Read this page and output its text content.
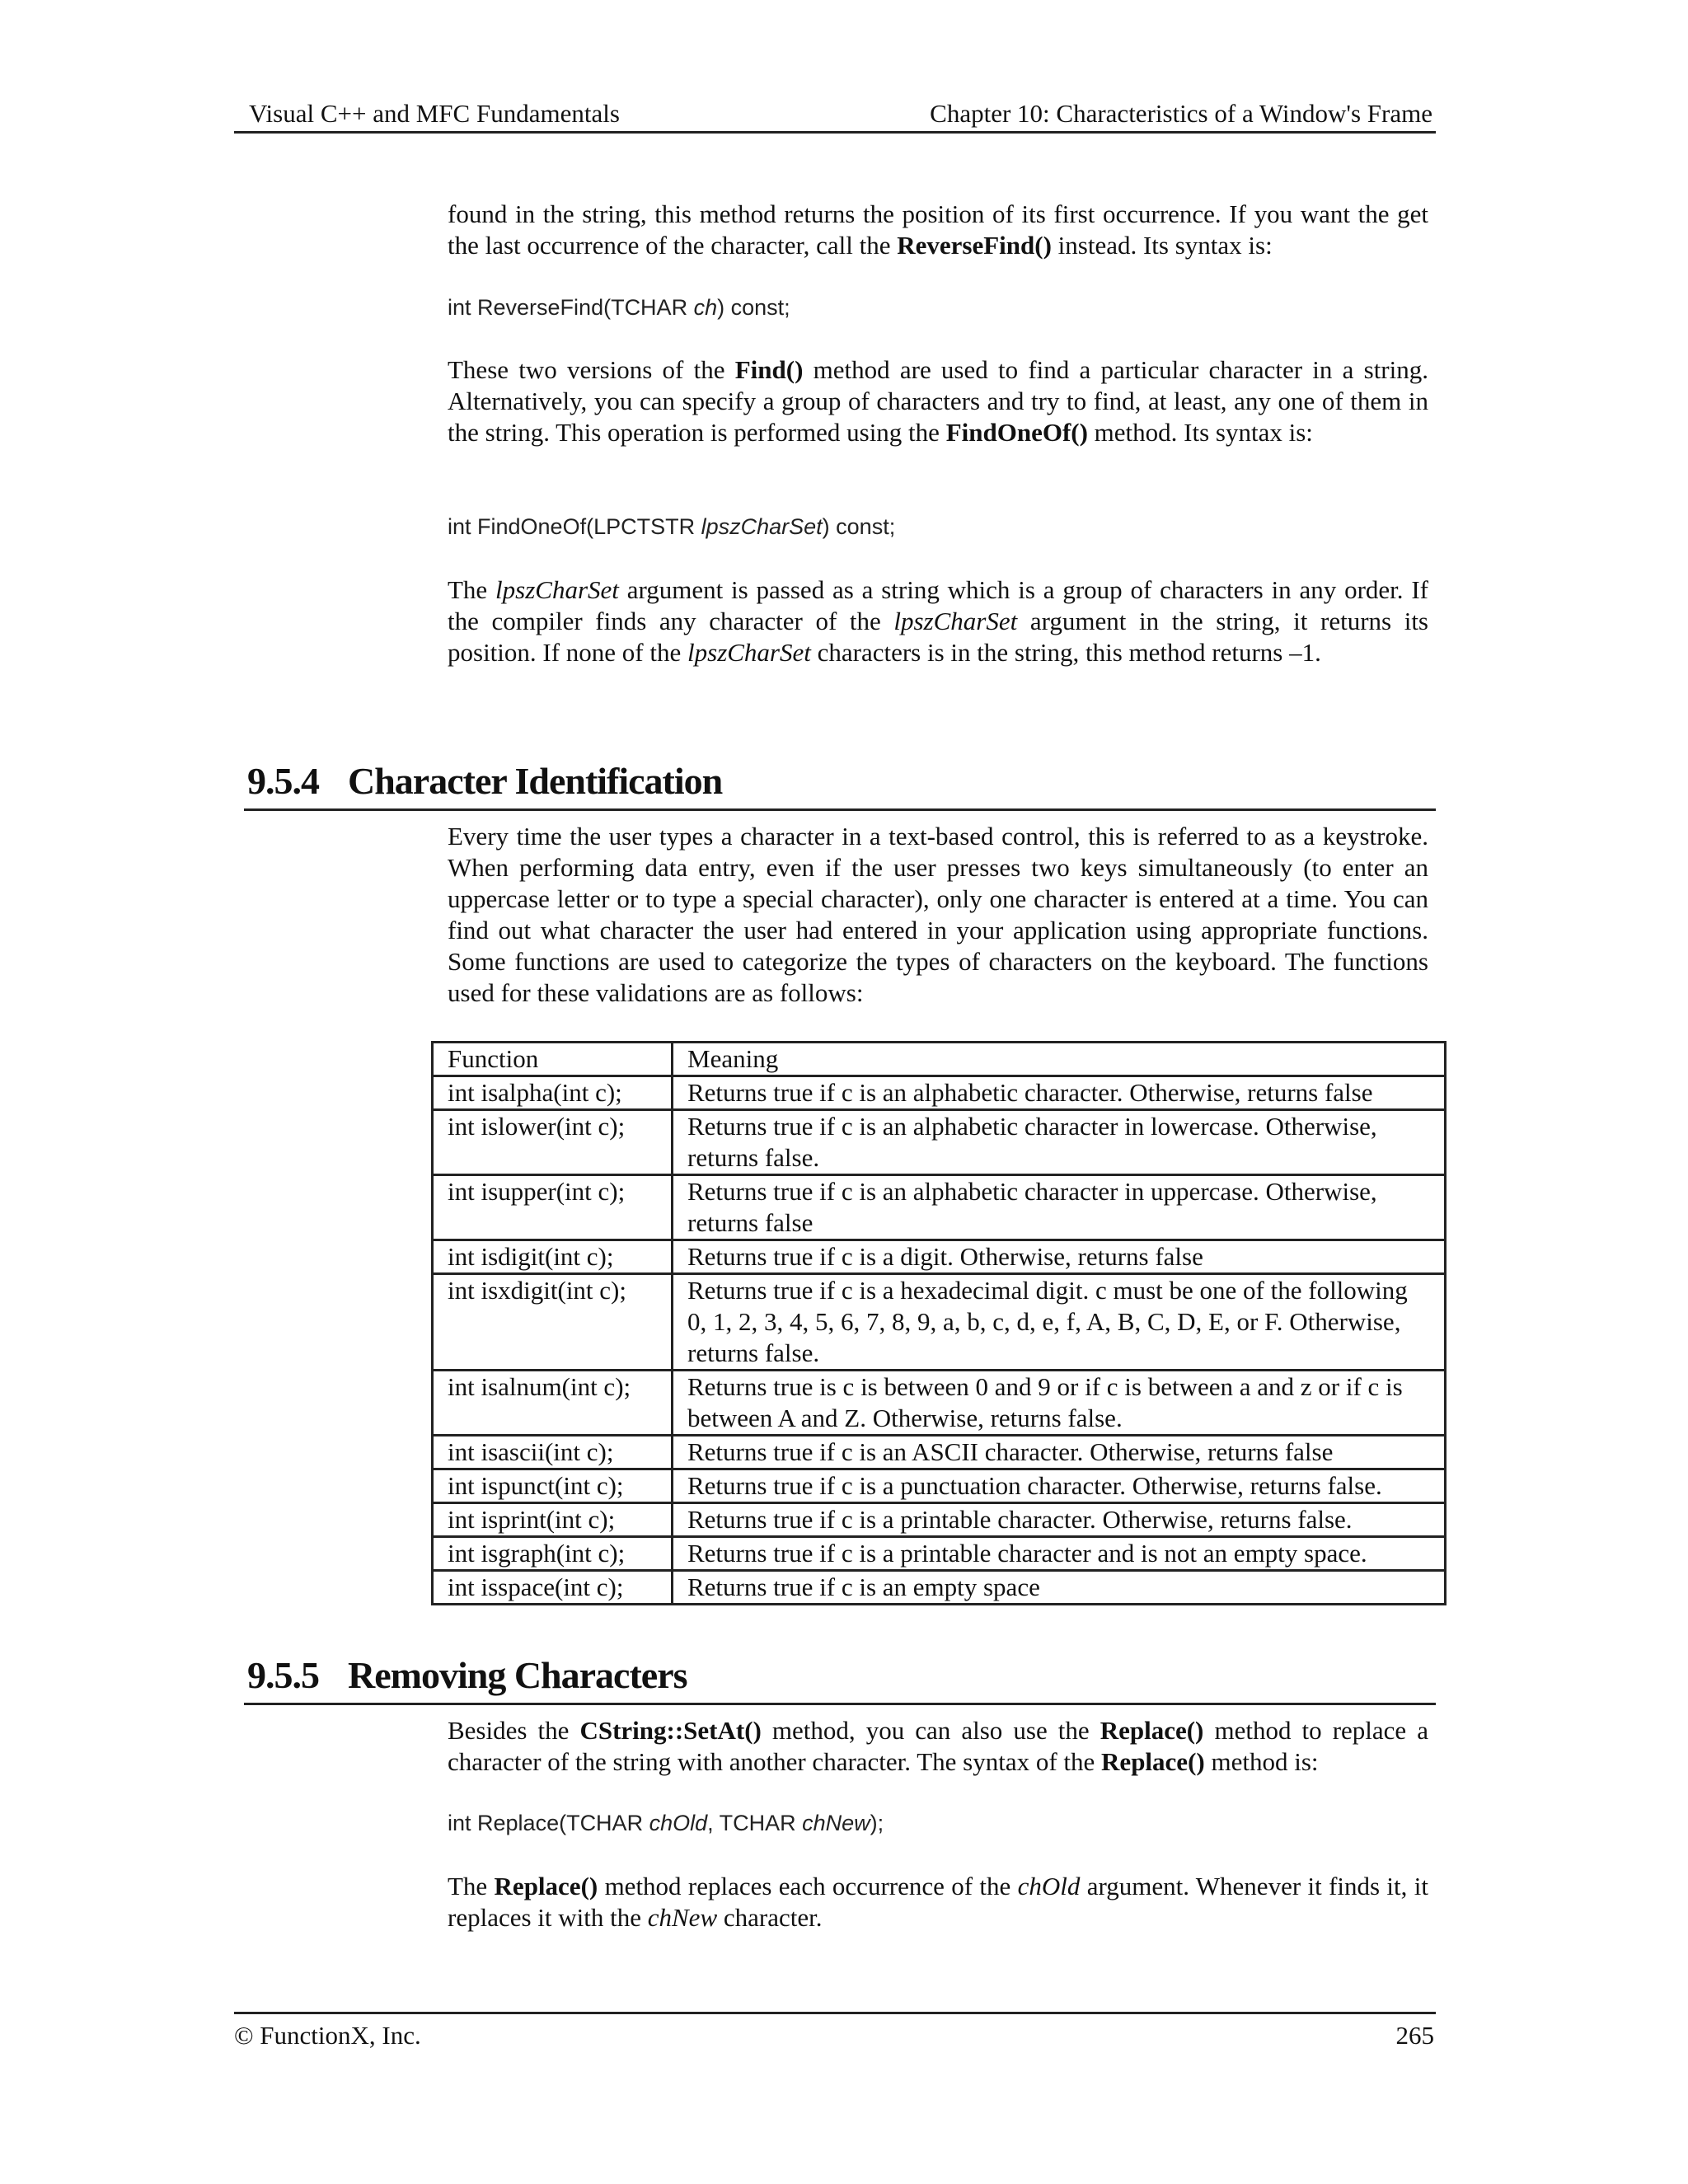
Visual C++ and MFC Fundamentals	Chapter 10: Characteristics of a Window's Frame
found in the string, this method returns the position of its first occurrence. If you want the get the last occurrence of the character, call the ReverseFind() instead. Its syntax is:
int ReverseFind(TCHAR ch) const;
These two versions of the Find() method are used to find a particular character in a string. Alternatively, you can specify a group of characters and try to find, at least, any one of them in the string. This operation is performed using the FindOneOf() method. Its syntax is:
int FindOneOf(LPCTSTR lpszCharSet) const;
The lpszCharSet argument is passed as a string which is a group of characters in any order. If the compiler finds any character of the lpszCharSet argument in the string, it returns its position. If none of the lpszCharSet characters is in the string, this method returns –1.
9.5.4 Character Identification
Every time the user types a character in a text-based control, this is referred to as a keystroke. When performing data entry, even if the user presses two keys simultaneously (to enter an uppercase letter or to type a special character), only one character is entered at a time. You can find out what character the user had entered in your application using appropriate functions. Some functions are used to categorize the types of characters on the keyboard. The functions used for these validations are as follows:
Function	Meaning
int isalpha(int c);	Returns true if c is an alphabetic character. Otherwise, returns false
int islower(int c);	Returns true if c is an alphabetic character in lowercase. Otherwise, returns false.
int isupper(int c);	Returns true if c is an alphabetic character in uppercase. Otherwise, returns false
int isdigit(int c);	Returns true if c is a digit. Otherwise, returns false
int isxdigit(int c);	Returns true if c is a hexadecimal digit. c must be one of the following 0, 1, 2, 3, 4, 5, 6, 7, 8, 9, a, b, c, d, e, f, A, B, C, D, E, or F. Otherwise, returns false.
int isalnum(int c);	Returns true is c is between 0 and 9 or if c is between a and z or if c is between A and Z. Otherwise, returns false.
int isascii(int c);	Returns true if c is an ASCII character. Otherwise, returns false
int ispunct(int c);	Returns true if c is a punctuation character. Otherwise, returns false.
int isprint(int c);	Returns true if c is a printable character. Otherwise, returns false.
int isgraph(int c);	Returns true if c is a printable character and is not an empty space.
int isspace(int c);	Returns true if c is an empty space
9.5.5 Removing Characters
Besides the CString::SetAt() method, you can also use the Replace() method to replace a character of the string with another character. The syntax of the Replace() method is:
int Replace(TCHAR chOld, TCHAR chNew);
The Replace() method replaces each occurrence of the chOld argument. Whenever it finds it, it replaces it with the chNew character.
© FunctionX, Inc.	265
